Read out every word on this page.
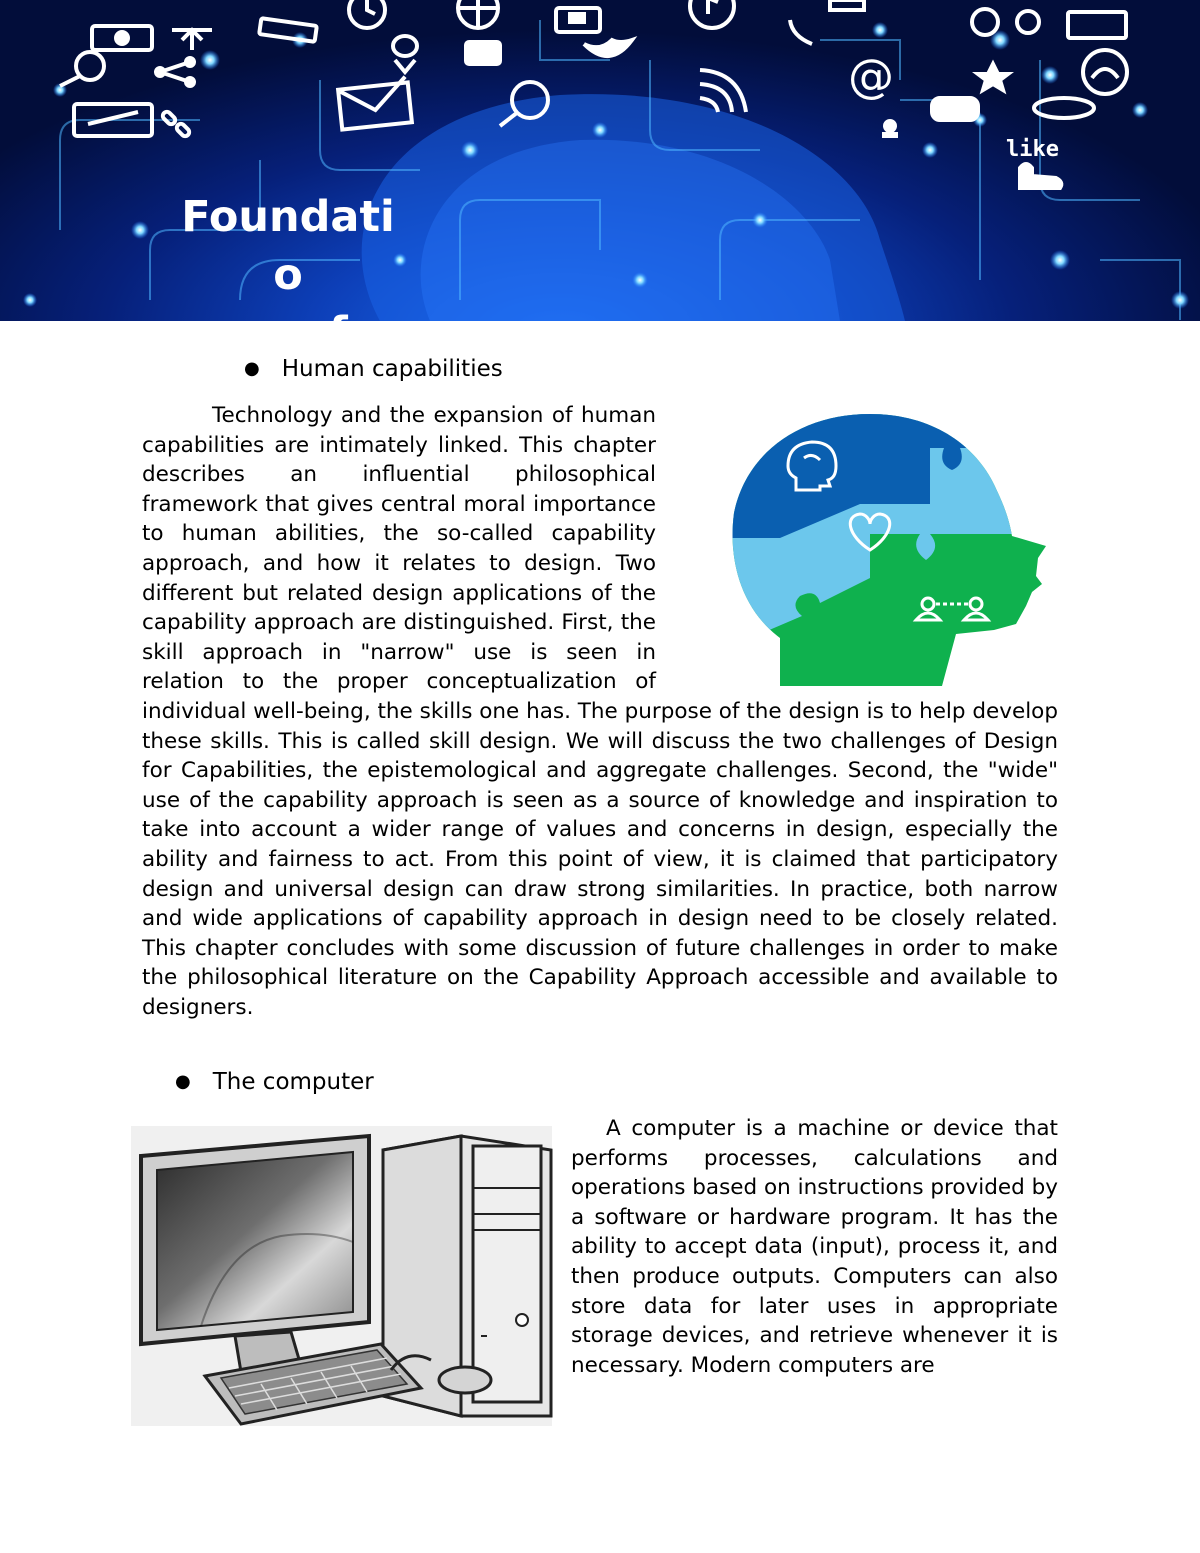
@
like
Foundatio
ns of
H
● Human capabilities

Technology and the expansion of human capabilities are intimately linked. This chapter describes an influential philosophical framework that gives central moral importance to human abilities, the so-called capability approach, and how it relates to design. Two different but related design applications of the capability approach are distinguished. First, the skill approach in "narrow" use is seen in relation to the proper conceptualization of individual well-being, the skills one has. The purpose of the design is to help develop these skills. This is called skill design. We will discuss the two challenges of Design for Capabilities, the epistemological and aggregate challenges. Second, the "wide" use of the capability approach is seen as a source of knowledge and inspiration to take into account a wider range of values and concerns in design, especially the ability and fairness to act. From this point of view, it is claimed that participatory design and universal design can draw strong similarities. In practice, both narrow and wide applications of capability approach in design need to be closely related. This chapter concludes with some discussion of future challenges in order to make the philosophical literature on the Capability Approach accessible and available to designers.

● The computer

A computer is a machine or device that performs processes, calculations and operations based on instructions provided by a software or hardware program. It has the ability to accept data (input), process it, and then produce outputs. Computers can also store data for later uses in appropriate storage devices, and retrieve whenever it is necessary. Modern computers are
